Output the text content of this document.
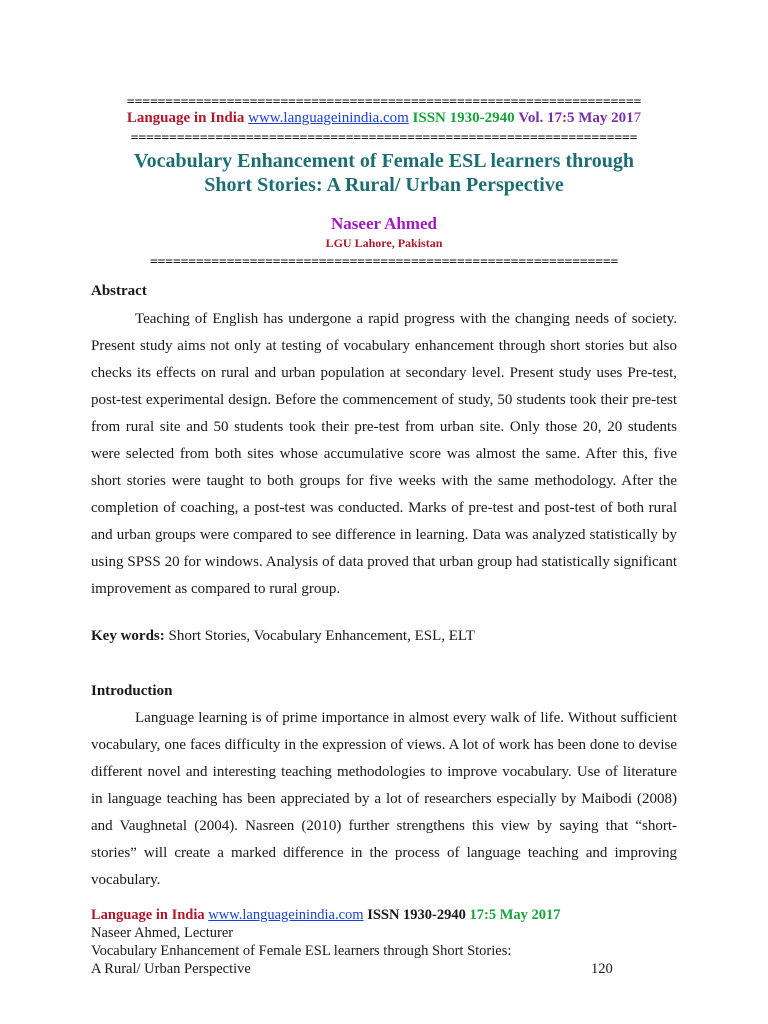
===================================================================
Language in India www.languageinindia.com ISSN 1930-2940 Vol. 17:5 May 2017
==================================================================
Vocabulary Enhancement of Female ESL learners through
Short Stories: A Rural/ Urban Perspective
Naseer Ahmed
LGU Lahore, Pakistan
=============================================================
Abstract
Teaching of English has undergone a rapid progress with the changing needs of society. Present study aims not only at testing of vocabulary enhancement through short stories but also checks its effects on rural and urban population at secondary level. Present study uses Pre-test, post-test experimental design. Before the commencement of study, 50 students took their pre-test from rural site and 50 students took their pre-test from urban site. Only those 20, 20 students were selected from both sites whose accumulative score was almost the same. After this, five short stories were taught to both groups for five weeks with the same methodology. After the completion of coaching, a post-test was conducted. Marks of pre-test and post-test of both rural and urban groups were compared to see difference in learning. Data was analyzed statistically by using SPSS 20 for windows. Analysis of data proved that urban group had statistically significant improvement as compared to rural group.
Key words: Short Stories, Vocabulary Enhancement, ESL, ELT
Introduction
Language learning is of prime importance in almost every walk of life. Without sufficient vocabulary, one faces difficulty in the expression of views. A lot of work has been done to devise different novel and interesting teaching methodologies to improve vocabulary. Use of literature in language teaching has been appreciated by a lot of researchers especially by Maibodi (2008) and Vaughnetal (2004). Nasreen (2010) further strengthens this view by saying that “short-stories” will create a marked difference in the process of language teaching and improving vocabulary.
Language in India www.languageinindia.com ISSN 1930-2940 17:5 May 2017
Naseer Ahmed, Lecturer
Vocabulary Enhancement of Female ESL learners through Short Stories:
A Rural/ Urban Perspective	120
